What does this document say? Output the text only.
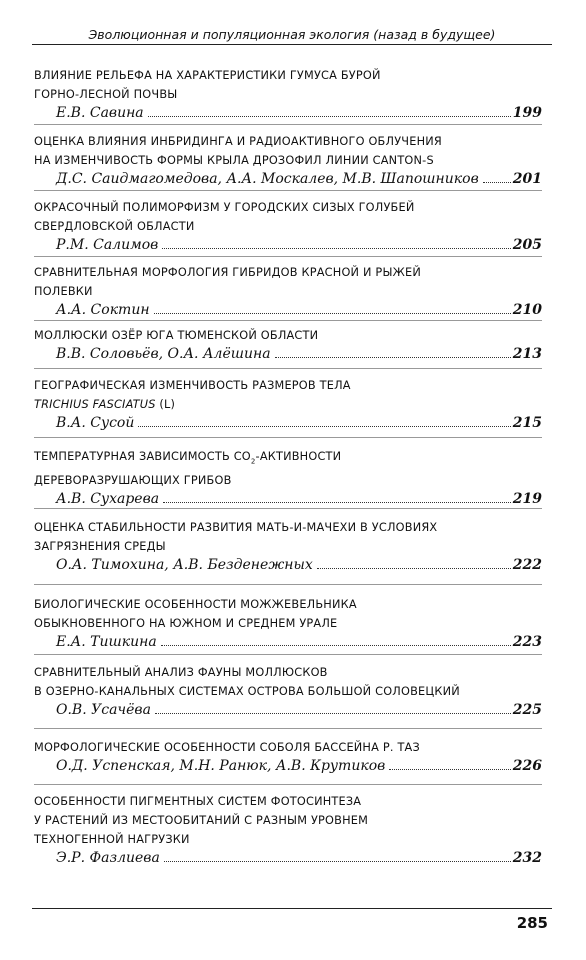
Эволюционная и популяционная экология (назад в будущее)
ВЛИЯНИЕ РЕЛЬЕФА НА ХАРАКТЕРИСТИКИ ГУМУСА БУРОЙ
ГОРНО-ЛЕСНОЙ ПОЧВЫ
Е.В. Савина	199
ОЦЕНКА ВЛИЯНИЯ ИНБРИДИНГА И РАДИОАКТИВНОГО ОБЛУЧЕНИЯ
НА ИЗМЕНЧИВОСТЬ ФОРМЫ КРЫЛА ДРОЗОФИЛ ЛИНИИ CANTON-S
Д.С. Саидмагомедова, А.А. Москалев, М.В. Шапошников 201
ОКРАСОЧНЫЙ ПОЛИМОРФИЗМ У ГОРОДСКИХ СИЗЫХ ГОЛУБЕЙ
СВЕРДЛОВСКОЙ ОБЛАСТИ
Р.М. Салимов	205
СРАВНИТЕЛЬНАЯ МОРФОЛОГИЯ ГИБРИДОВ КРАСНОЙ И РЫЖЕЙ
ПОЛЕВКИ
А.А. Соктин	210
МОЛЛЮСКИ ОЗЁР ЮГА ТЮМЕНСКОЙ ОБЛАСТИ
В.В. Соловьёв, О.А. Алёшина	213
ГЕОГРАФИЧЕСКАЯ ИЗМЕНЧИВОСТЬ РАЗМЕРОВ ТЕЛА
TRICHIUS FASCIATUS (L)
В.А. Сусой	215
ТЕМПЕРАТУРНАЯ ЗАВИСИМОСТЬ $CO_2$-АКТИВНОСТИ
ДЕРЕВОРАЗРУШАЮЩИХ ГРИБОВ
А.В. Сухарева	219
ОЦЕНКА СТАБИЛЬНОСТИ РАЗВИТИЯ МАТЬ-И-МАЧЕХИ В УСЛОВИЯХ
ЗАГРЯЗНЕНИЯ СРЕДЫ
О.А. Тимохина, А.В. Безденежных	222
БИОЛОГИЧЕСКИЕ ОСОБЕННОСТИ МОЖЖЕВЕЛЬНИКА
ОБЫКНОВЕННОГО НА ЮЖНОМ И СРЕДНЕМ УРАЛЕ
Е.А. Тишкина	223
СРАВНИТЕЛЬНЫЙ АНАЛИЗ ФАУНЫ МОЛЛЮСКОВ
В ОЗЕРНО-КАНАЛЬНЫХ СИСТЕМАХ ОСТРОВА БОЛЬШОЙ СОЛОВЕЦКИЙ
О.В. Усачёва	225
МОРФОЛОГИЧЕСКИЕ ОСОБЕННОСТИ СОБОЛЯ БАССЕЙНА Р. ТАЗ
О.Д. Успенская, М.Н. Ранюк, А.В. Крутиков	226
ОСОБЕННОСТИ ПИГМЕНТНЫХ СИСТЕМ ФОТОСИНТЕЗА
У РАСТЕНИЙ ИЗ МЕСТООБИТАНИЙ С РАЗНЫМ УРОВНЕМ
ТЕХНОГЕННОЙ НАГРУЗКИ
Э.Р. Фазлиева	232
285
